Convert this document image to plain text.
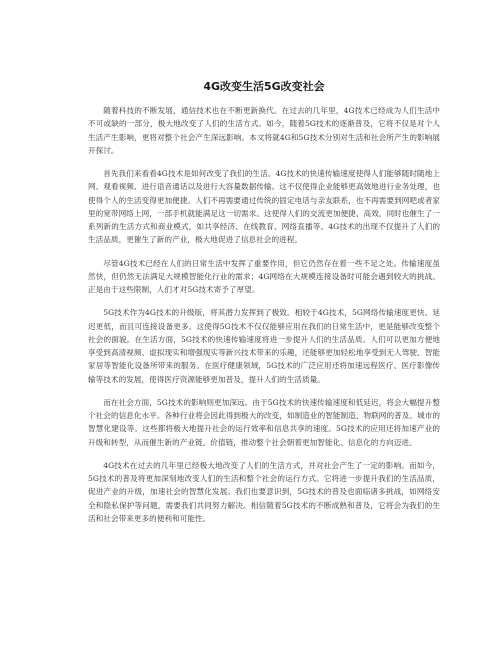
4G改变生活5G改变社会

随着科技的不断发展，通信技术也在不断更新换代。在过去的几年里，4G技术已经成为人们生活中不可或缺的一部分，极大地改变了人们的生活方式。如今，随着5G技术的逐渐普及，它将不仅是对个人生活产生影响，更将对整个社会产生深远影响。本文将就4G和5G技术分别对生活和社会所产生的影响展开探讨。

首先我们来看看4G技术是如何改变了我们的生活。4G技术的快速传输速度使得人们能够随时随地上网、观看视频、进行语音通话以及进行大容量数据传输。这不仅使得企业能够更高效地进行业务处理，也使得个人的生活变得更加便捷。人们不再需要通过传统的固定电话与亲友联系，也不再需要到网吧或者家里的宽带网络上网，一部手机就能满足这一切需求。这使得人们的交流更加便捷、高效，同时也催生了一系列新的生活方式和商业模式，如共享经济、在线教育、网络直播等。4G技术的出现不仅提升了人们的生活品质，更催生了新的产业，极大地促进了信息社会的进程。

尽管4G技术已经在人们的日常生活中发挥了重要作用，但它仍然存在着一些不足之处。传输速度虽然快，但仍然无法满足大规模智能化行业的需求；4G网络在大规模连接设备时可能会遇到较大的挑战。正是由于这些限制，人们才对5G技术寄予了厚望。

5G技术作为4G技术的升级版，将其潜力发挥到了极致。相较于4G技术，5G网络传输速度更快、延迟更低，而且可连接设备更多。这使得5G技术不仅仅能够应用在我们的日常生活中，更是能够改变整个社会的面貌。在生活方面，5G技术的快速传输速度将进一步提升人们的生活品质。人们可以更加方便地享受到高清视频、虚拟现实和增强现实等新兴技术带来的乐趣，还能够更加轻松地享受到无人驾驶、智能家居等智能化设备所带来的服务。在医疗健康领域，5G技术的广泛应用还将加速远程医疗、医疗影像传输等技术的发展，使得医疗资源能够更加普及，提升人们的生活质量。

而在社会方面，5G技术的影响则更加深远。由于5G技术的快速传输速度和低延迟，将会大幅提升整个社会的信息化水平。各种行业将会因此得到极大的改变，如制造业的智能制造、物联网的普及、城市的智慧化建设等。这些都将极大地提升社会的运行效率和信息共享的速度。5G技术的应用还将加速产业的升级和转型，从而催生新的产业链、价值链，推动整个社会朝着更加智能化、信息化的方向迈进。

4G技术在过去的几年里已经极大地改变了人们的生活方式，并对社会产生了一定的影响。而如今，5G技术的普及将更加深刻地改变人们的生活和整个社会的运行方式。它将进一步提升我们的生活品质，促进产业的升级，加速社会的智慧化发展。我们也要意识到，5G技术的普及也面临诸多挑战，如网络安全和隐私保护等问题，需要我们共同努力解决。相信随着5G技术的不断成熟和普及，它将会为我们的生活和社会带来更多的便利和可能性。
